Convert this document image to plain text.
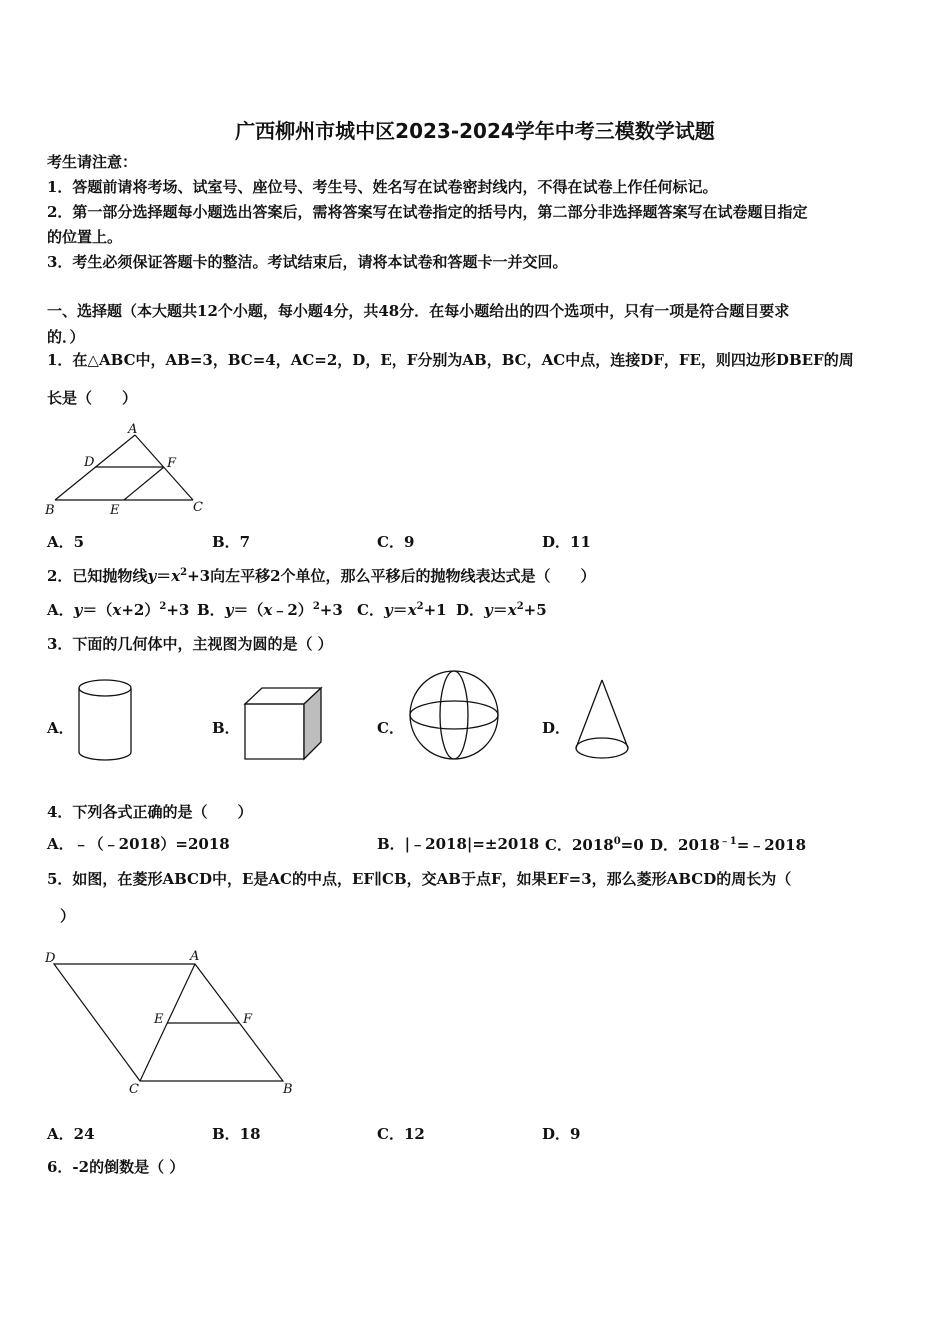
广西柳州市城中区2023-2024学年中考三模数学试题
考生请注意：
1．答题前请将考场、试室号、座位号、考生号、姓名写在试卷密封线内，不得在试卷上作任何标记。
2．第一部分选择题每小题选出答案后，需将答案写在试卷指定的括号内，第二部分非选择题答案写在试卷题目指定
的位置上。
3．考生必须保证答题卡的整洁。考试结束后，请将本试卷和答题卡一并交回。
一、选择题（本大题共12个小题，每小题4分，共48分．在每小题给出的四个选项中，只有一项是符合题目要求
的．）
1．在△ABC中，AB=3，BC=4，AC=2，D，E，F分别为AB，BC，AC中点，连接DF，FE，则四边形DBEF的周
长是（　　）
A
D	F
B	E	C
A．5	B．7	C．9	D．11
2．已知抛物线$y=x^2+3$向左平移2个单位，那么平移后的抛物线表达式是（　　）
A．$y=(x+2)^2+3$ B．y＝（x﹣2）$^2$+3 C．$y=x^2+1$ D．$y=x^2+5$
3．下面的几何体中，主视图为圆的是（ ）
A．	B．	C．	D．
4．下列各式正确的是（　　）
A．﹣（﹣2018）=2018	B．|﹣2018|=±2018 C．$2018^0=0$ D．$2018^{﹣1}=﹣2018$
5．如图，在菱形ABCD中，E是AC的中点，EF∥CB，交AB于点F，如果EF=3，那么菱形ABCD的周长为（
）
D	A
E	F
C	B
A．24	B．18	C．12	D．9
6．-2的倒数是（ ）
